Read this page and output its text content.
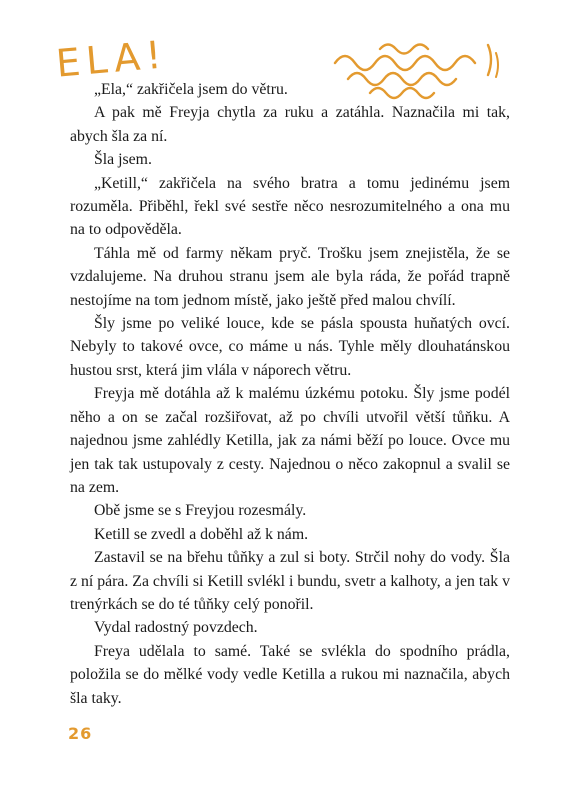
ELA!

„Ela,“ zakřičela jsem do větru.

A pak mě Freyja chytla za ruku a zatáhla. Naznačila mi tak, abych šla za ní.

Šla jsem.

„Ketill,“ zakřičela na svého bratra a tomu jedinému jsem rozuměla. Přiběhl, řekl své sestře něco nesrozumitelného a ona mu na to odpověděla.

Táhla mě od farmy někam pryč. Trošku jsem znejistěla, že se vzdalujeme. Na druhou stranu jsem ale byla ráda, že pořád trapně nestojíme na tom jednom místě, jako ještě před malou chvílí.

Šly jsme po veliké louce, kde se pásla spousta huňatých ovcí. Nebyly to takové ovce, co máme u nás. Tyhle měly dlouhatánskou hustou srst, která jim vlála v náporech větru.

Freyja mě dotáhla až k malému úzkému potoku. Šly jsme podél něho a on se začal rozšiřovat, až po chvíli utvořil větší tůňku. A najednou jsme zahlédly Ketilla, jak za námi běží po louce. Ovce mu jen tak tak ustupovaly z cesty. Najednou o něco zakopnul a svalil se na zem.

Obě jsme se s Freyjou rozesmály.

Ketill se zvedl a doběhl až k nám.

Zastavil se na břehu tůňky a zul si boty. Strčil nohy do vody. Šla z ní pára. Za chvíli si Ketill svlékl i bundu, svetr a kalhoty, a jen tak v trenýrkách se do té tůňky celý ponořil.

Vydal radostný povzdech.

Freya udělala to samé. Také se svlékla do spodního prádla, položila se do mělké vody vedle Ketilla a rukou mi naznačila, abych šla taky.

26
